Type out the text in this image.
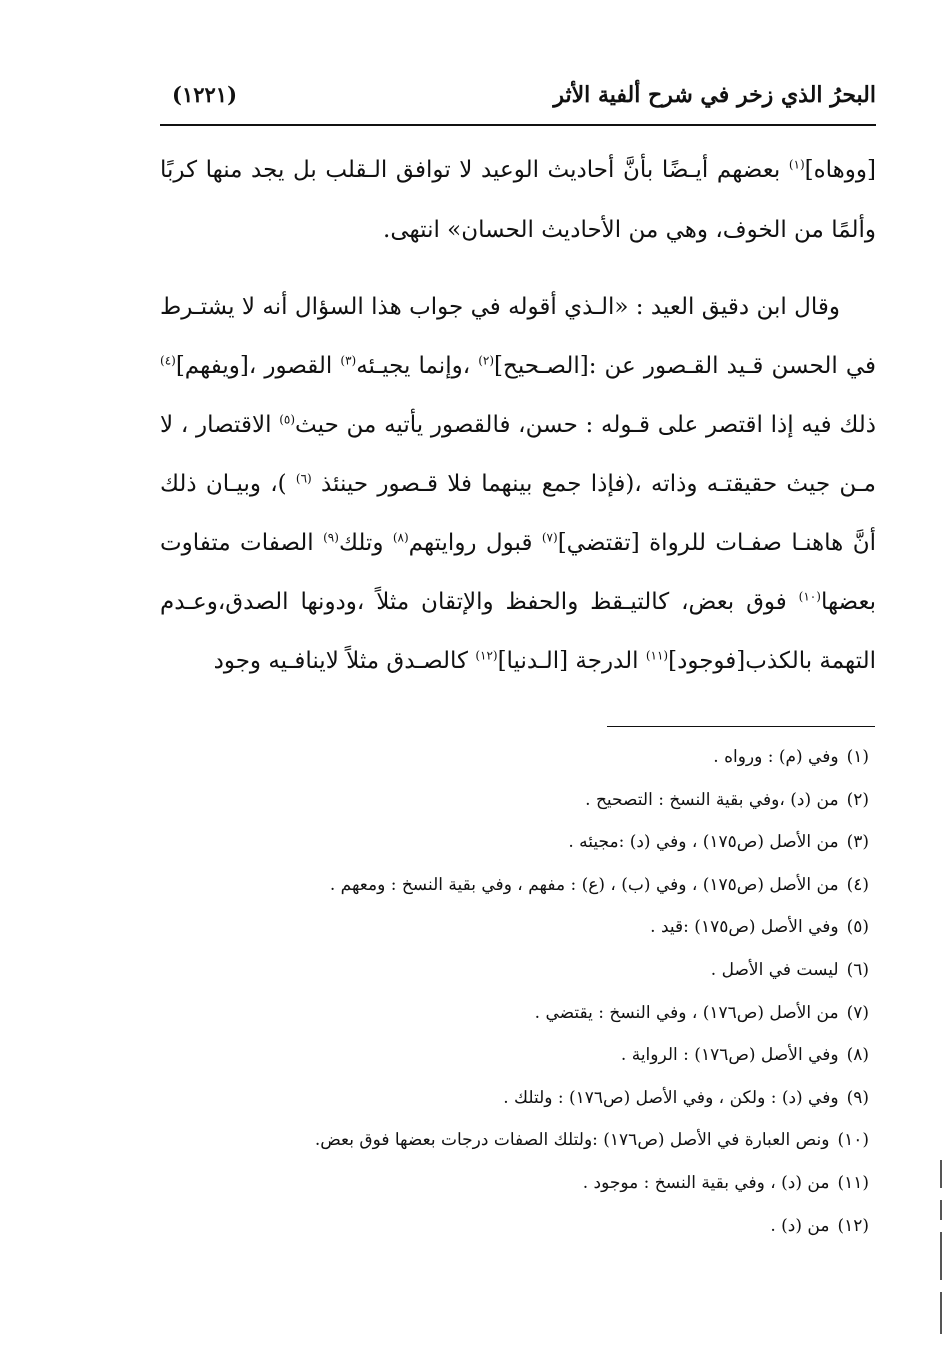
البحرُ الذي زخر في شرح ألفية الأثر
(١٢٢١)

[ووهاه]$^{(١)}$ بعضهم أيـضًا بأنَّ أحاديث الوعيد لا توافق الـقلب بل يجد منها كربًا وألمًا من الخوف، وهي من الأحاديث الحسان» انتهى.

وقال ابن دقيق العيد : «الـذي أقوله في جواب هذا السؤال أنه لا يشتـرط في الحسن قـيد القـصور عن :[الصـحيح]$^{(٢)}$ ،وإنما يجيـئه$^{(٣)}$ القصور ،[ويفهم]$^{(٤)}$ ذلك فيه إذا اقتصر على قـوله : حسن، فالقصور يأتيه من حيث$^{(٥)}$ الاقتصار ، لا مـن جيث حقيقتـه وذاته ،(فإذا جمع بينهما فلا قـصور حينئذ $^{(٦)}$ )، وبيـان ذلك أنَّ هاهنـا صفـات للرواة [تقتضي]$^{(٧)}$ قبول روايتهم$^{(٨)}$ وتلك$^{(٩)}$ الصفات متفاوت بعضها$^{(١٠)}$ فوق بعض، كالتيـقظ والحفظ والإتقان مثلاً ،ودونها الصدق،وعـدم التهمة بالكذب[فوجود]$^{(١١)}$ الدرجة [الـدنيا]$^{(١٢)}$ كالصـدق مثلاً لاينافـيه وجود

(١)وفي (م) : ورواه .
(٢)من (د) ،وفي بقية النسخ : التصحيح .
(٣)من الأصل (ص١٧٥) ، وفي (د) :مجيئه .
(٤)من الأصل (ص١٧٥) ، وفي (ب) ، (ع) : مفهم ، وفي بقية النسخ : ومعهم .
(٥)وفي الأصل (ص١٧٥) :قيد .
(٦)ليست في الأصل .
(٧)من الأصل (ص١٧٦) ، وفي النسخ : يقتضي .
(٨)وفي الأصل (ص١٧٦) : الرواية .
(٩)وفي (د) : ولكن ، وفي الأصل (ص١٧٦) : ولتلك .
(١٠)ونص العبارة في الأصل (ص١٧٦) :ولتلك الصفات درجات بعضها فوق بعض.
(١١)من (د) ، وفي بقية النسخ : موجود .
(١٢)من (د) .
